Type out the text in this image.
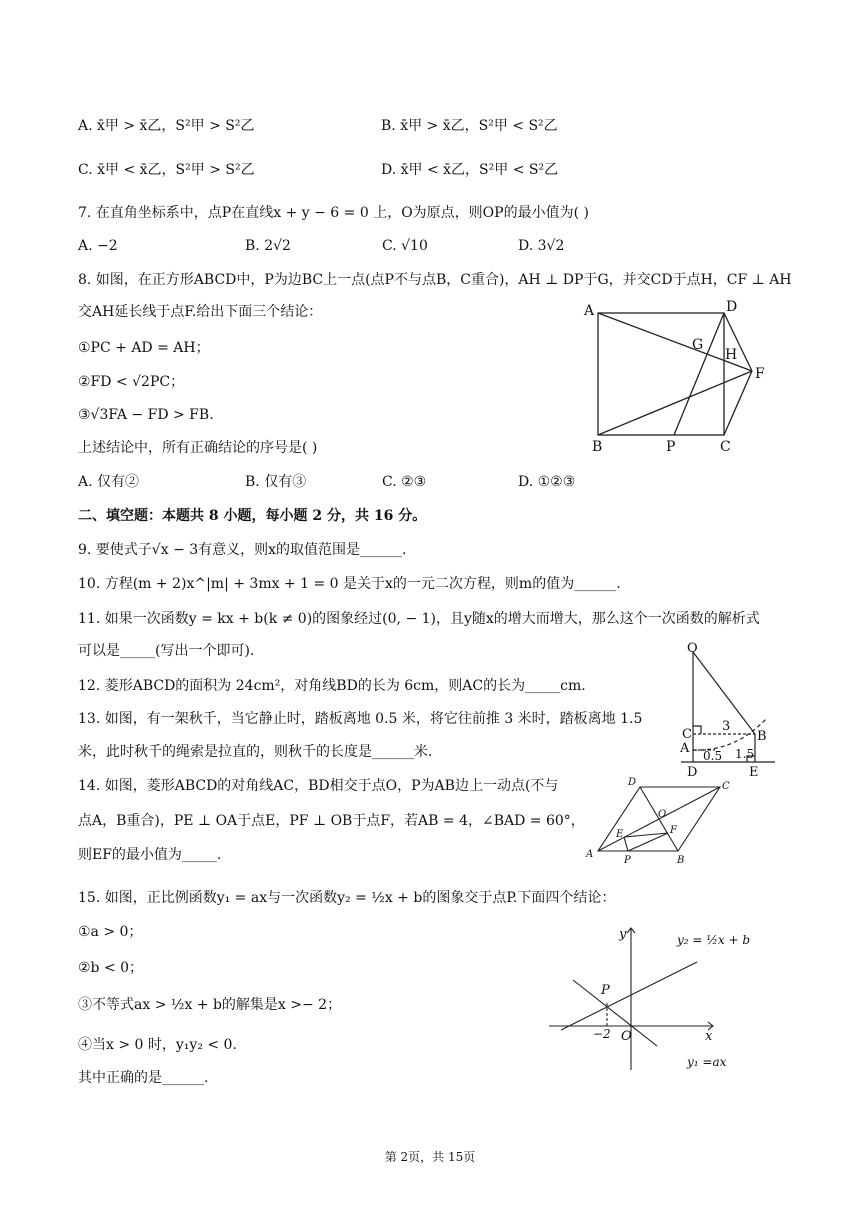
A. x̄甲 > x̄乙，S²甲 > S²乙	B. x̄甲 > x̄乙，S²甲 < S²乙
C. x̄甲 < x̄乙，S²甲 > S²乙	D. x̄甲 < x̄乙，S²甲 < S²乙
7. 在直角坐标系中，点P在直线x + y − 6 = 0 上，O为原点，则OP的最小值为( )
A. −2	B. 2√2	C. √10	D. 3√2
8. 如图，在正方形ABCD中，P为边BC上一点(点P不与点B，C重合)，AH ⊥ DP于G，并交CD于点H，CF ⊥ AH
交AH延长线于点F.给出下面三个结论：
①PC + AD = AH；
②FD < √2PC；
③√3FA − FD > FB.
上述结论中，所有正确结论的序号是( )
A. 仅有②	B. 仅有③	C. ②③	D. ①②③
A
B	C
D
G
H
F
P
二、填空题：本题共 8 小题，每小题 2 分，共 16 分。
9. 要使式子√x − 3有意义，则x的取值范围是______.
10. 方程(m + 2)x^|m| + 3mx + 1 = 0 是关于x的一元二次方程，则m的值为______.
11. 如果一次函数y = kx + b(k ≠ 0)的图象经过(0, − 1)，且y随x的增大而增大，那么这个一次函数的解析式
可以是_____(写出一个即可).
12. 菱形ABCD的面积为 24cm²，对角线BD的长为 6cm，则AC的长为_____cm.
13. 如图，有一架秋千，当它静止时，踏板离地 0.5 米，将它往前推 3 米时，踏板离地 1.5
米，此时秋千的绳索是拉直的，则秋千的长度是______米.
O
C
A
B
D	E
3
0.5 1.5
14. 如图，菱形ABCD的对角线AC，BD相交于点O，P为AB边上一动点(不与
点A，B重合)，PE ⊥ OA于点E，PF ⊥ OB于点F，若AB = 4，∠BAD = 60°，
则EF的最小值为_____.	A
B
C
D
O
E	F
P
15. 如图，正比例函数y₁ = ax与一次函数y₂ = ½x + b的图象交于点P.下面四个结论：
①a > 0；
②b < 0；
③不等式ax > ½x + b的解集是x >− 2；
④当x > 0 时，y₁y₂ < 0.
其中正确的是______.
y
x
O
P
−2
y₂ = ½x + b
y₁ =ax
第 2页，共 15页
